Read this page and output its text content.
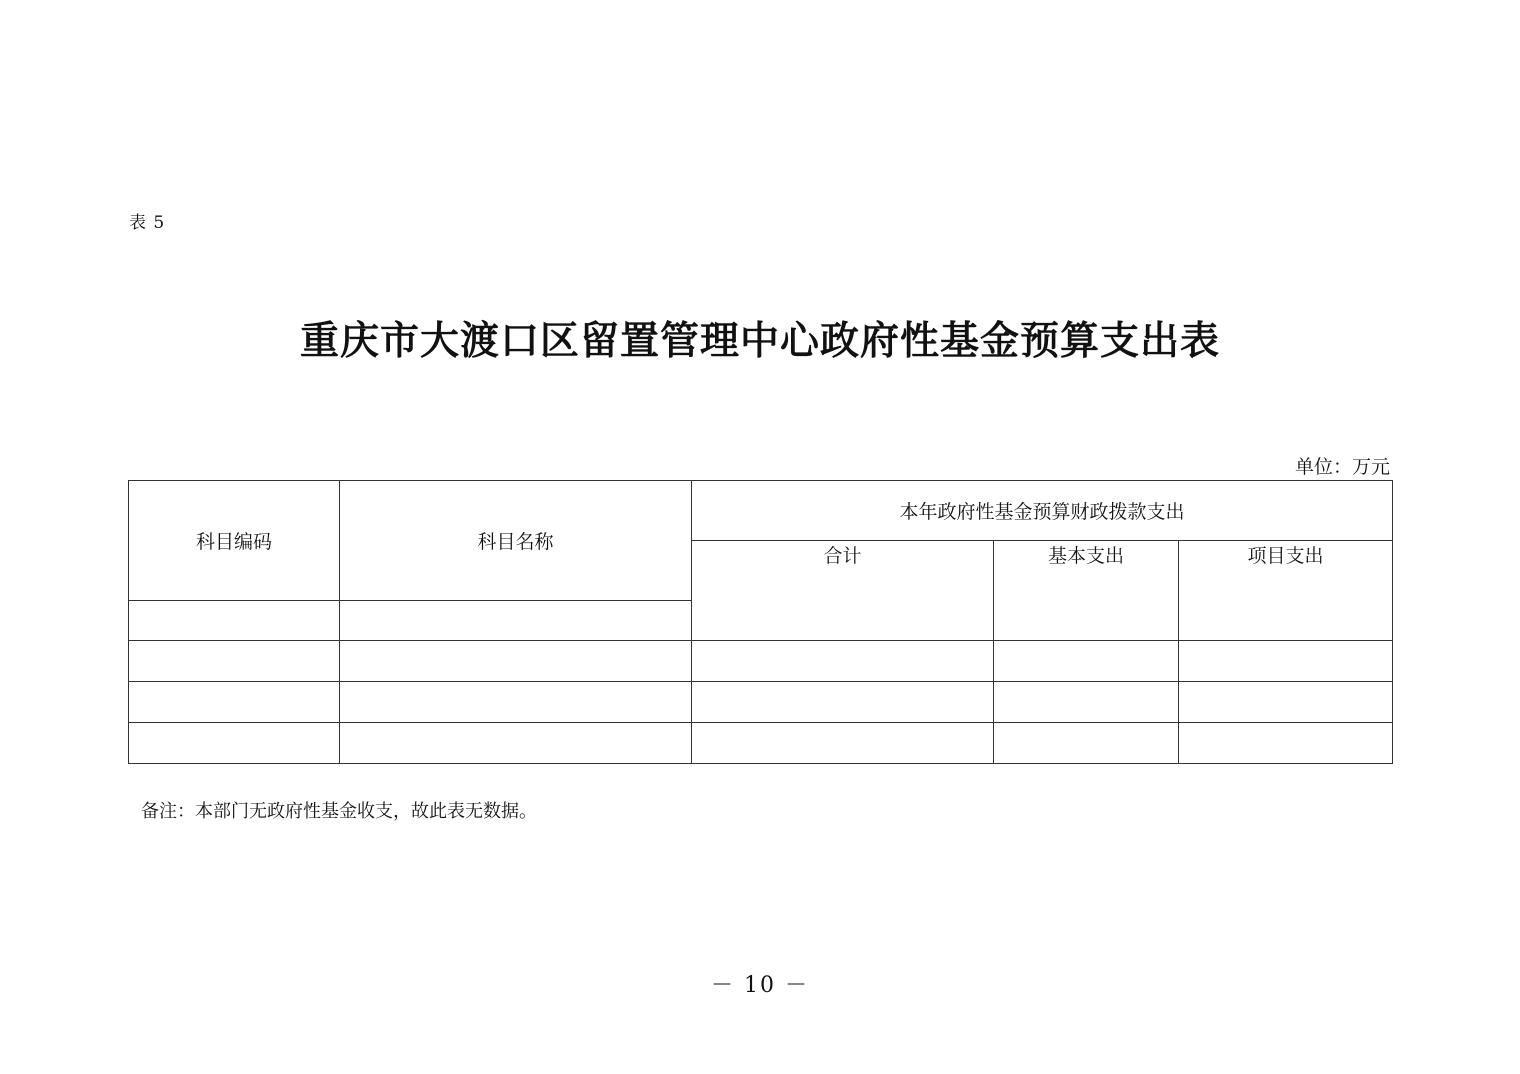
表 5
重庆市大渡口区留置管理中心政府性基金预算支出表
单位：万元
科目编码	科目名称	本年政府性基金预算财政拨款支出		
		合计	基本支出	项目支出

备注：本部门无政府性基金收支，故此表无数据。
－ 10 －
